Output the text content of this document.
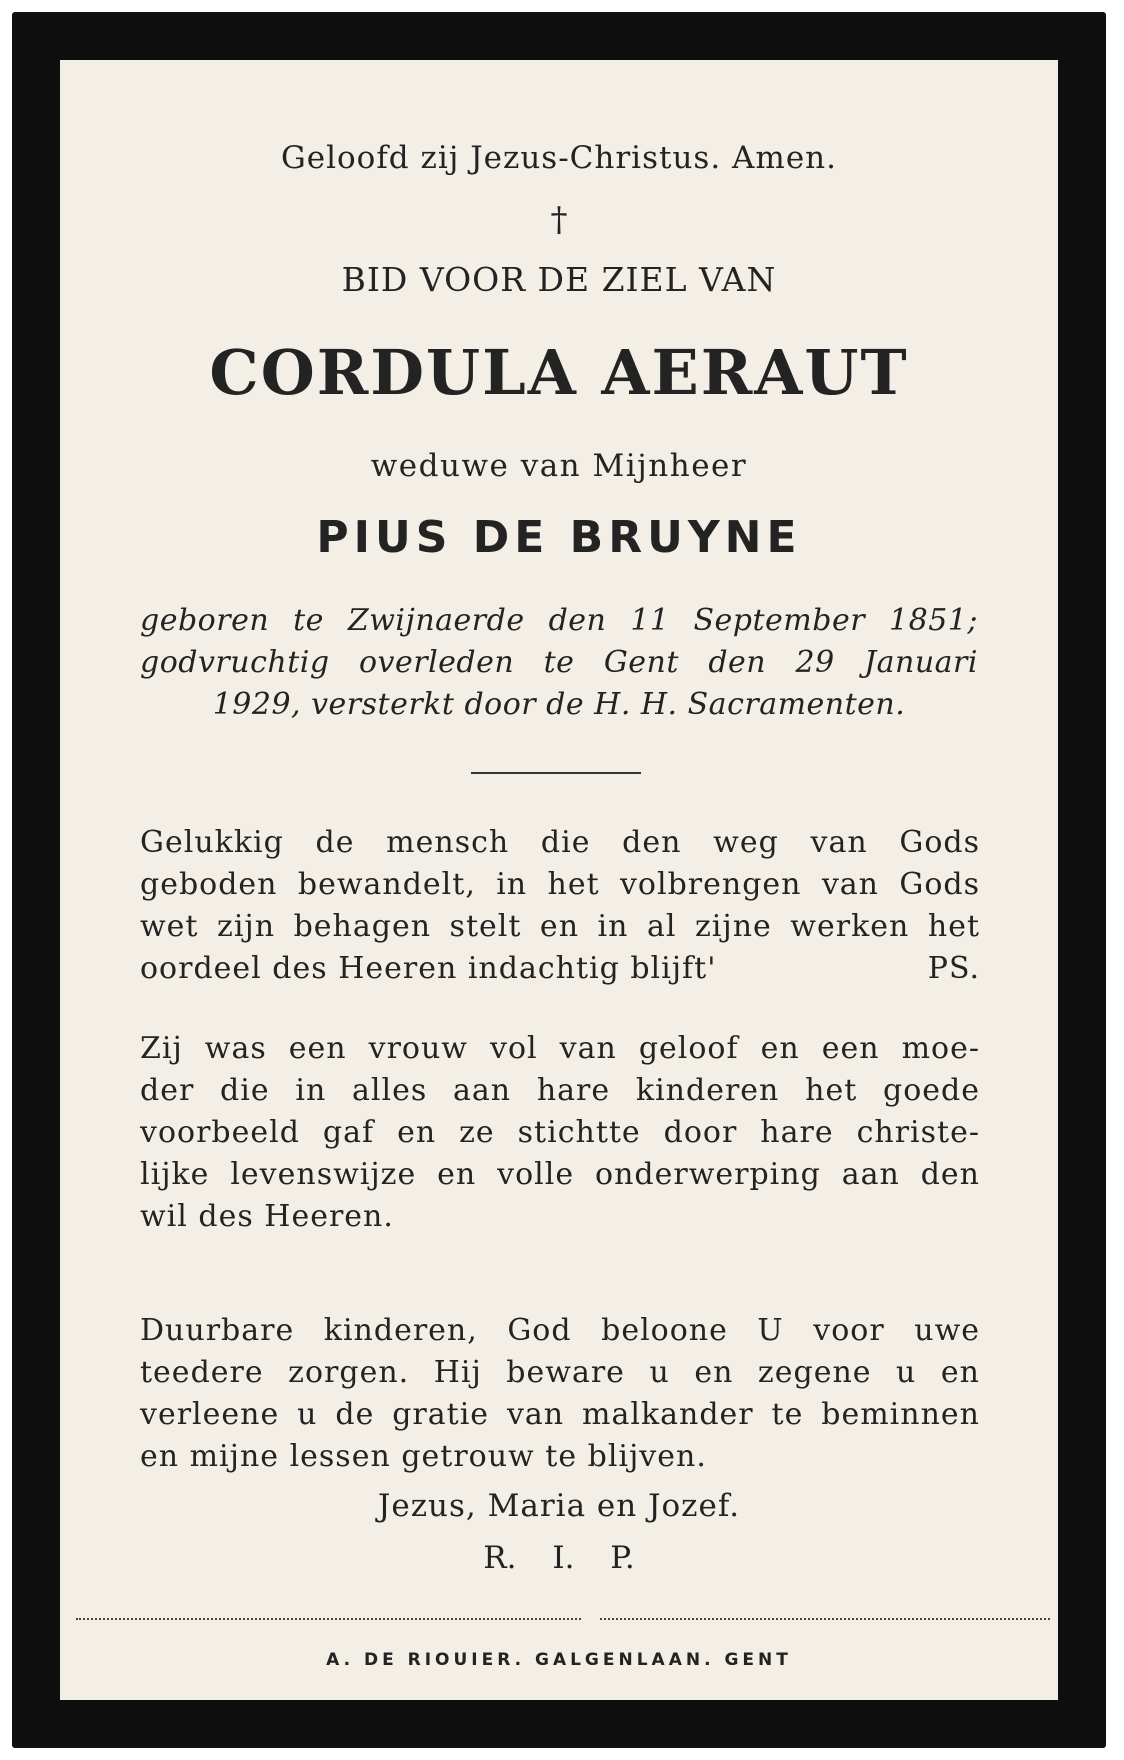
Geloofd zij Jezus-Christus. Amen.
†
BID VOOR DE ZIEL VAN
CORDULA AERAUT
weduwe van Mijnheer
PIUS DE BRUYNE
geboren te Zwijnaerde den 11 September 1851;
godvruchtig overleden te Gent den 29 Januari
1929, versterkt door de H. H. Sacramenten.
Gelukkig de mensch die den weg van Gods
geboden bewandelt, in het volbrengen van Gods
wet zijn behagen stelt en in al zijne werken het
oordeel des Heeren indachtig blijft'	PS.
Zij was een vrouw vol van geloof en een moe-
der die in alles aan hare kinderen het goede
voorbeeld gaf en ze stichtte door hare christe-
lijke levenswijze en volle onderwerping aan den
wil des Heeren.
Duurbare kinderen, God beloone U voor uwe
teedere zorgen. Hij beware u en zegene u en
verleene u de gratie van malkander te beminnen
en mijne lessen getrouw te blijven.
Jezus, Maria en Jozef.
R. I. P.
A. DE RIOUIER. GALGENLAAN. GENT
